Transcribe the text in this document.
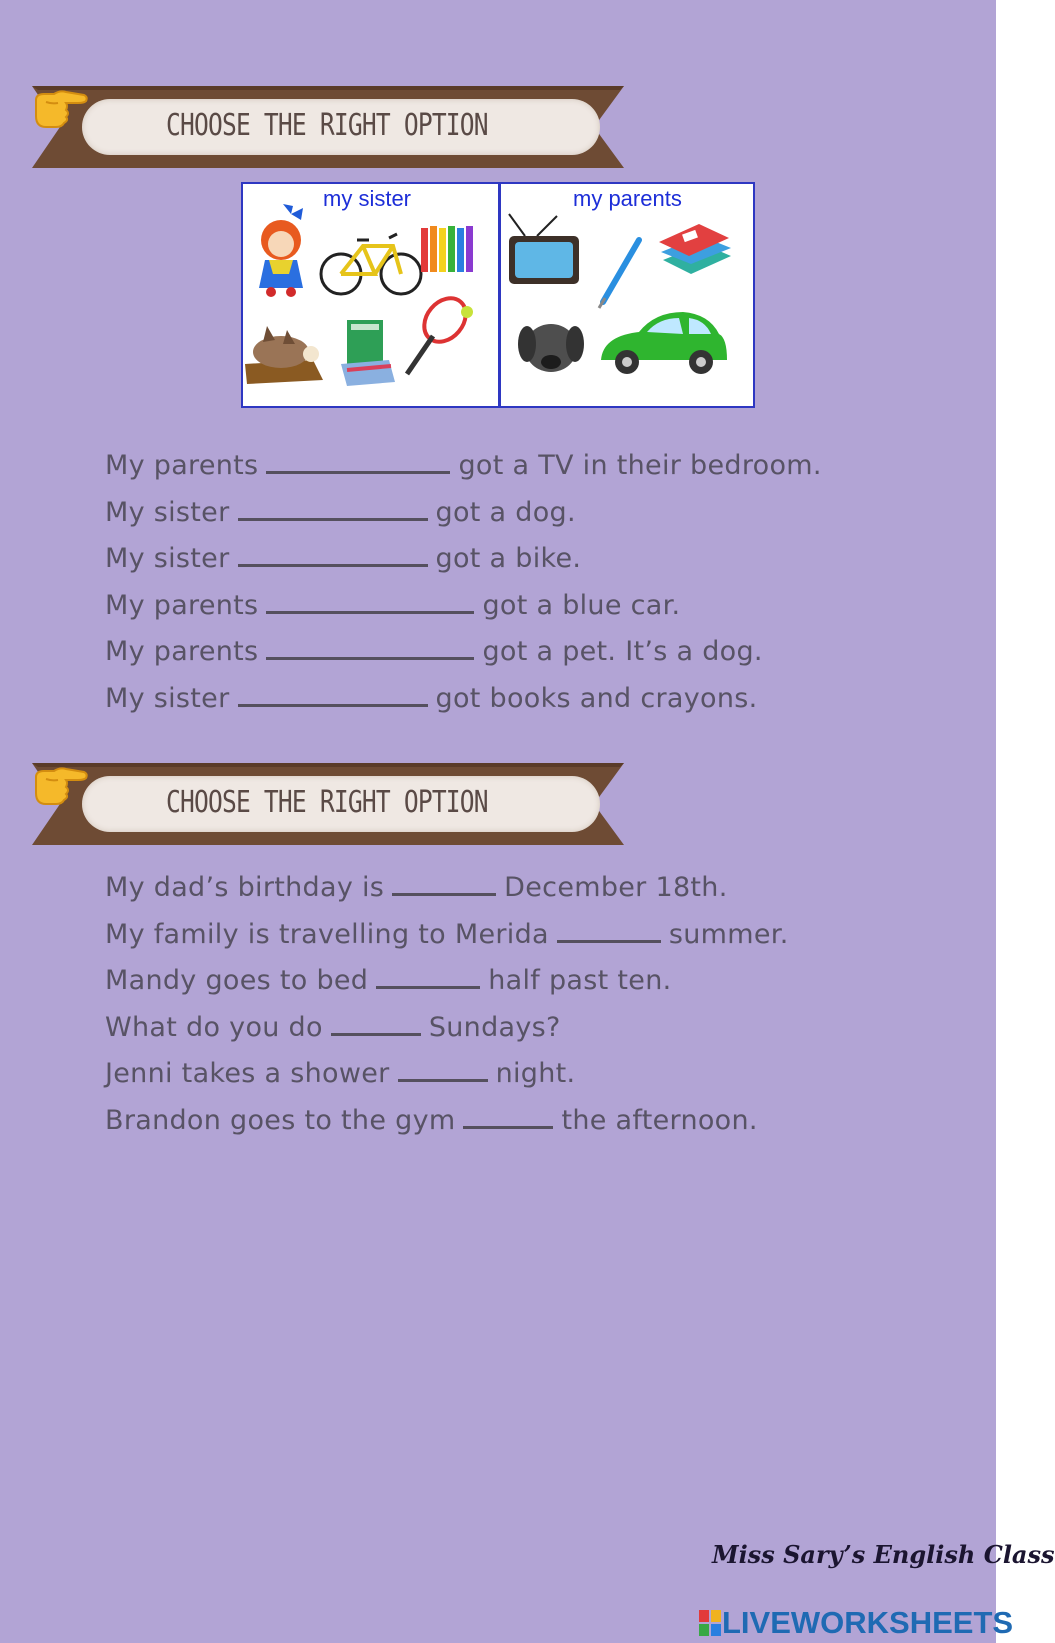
CHOOSE THE RIGHT OPTION
my sister	my parents
My parents	got a TV in their bedroom.
My sister	got a dog.
My sister	got a bike.
My parents	got a blue car.
My parents	got a pet. It’s a dog.
My sister	got books and crayons.
CHOOSE THE RIGHT OPTION
My dad’s birthday is	December 18th.
My family is travelling to Merida	summer.
Mandy goes to bed	half past ten.
What do you do	Sundays?
Jenni takes a shower	night.
Brandon goes to the gym	the afternoon.
Miss Sary’s English Class
LIVEWORKSHEETS
